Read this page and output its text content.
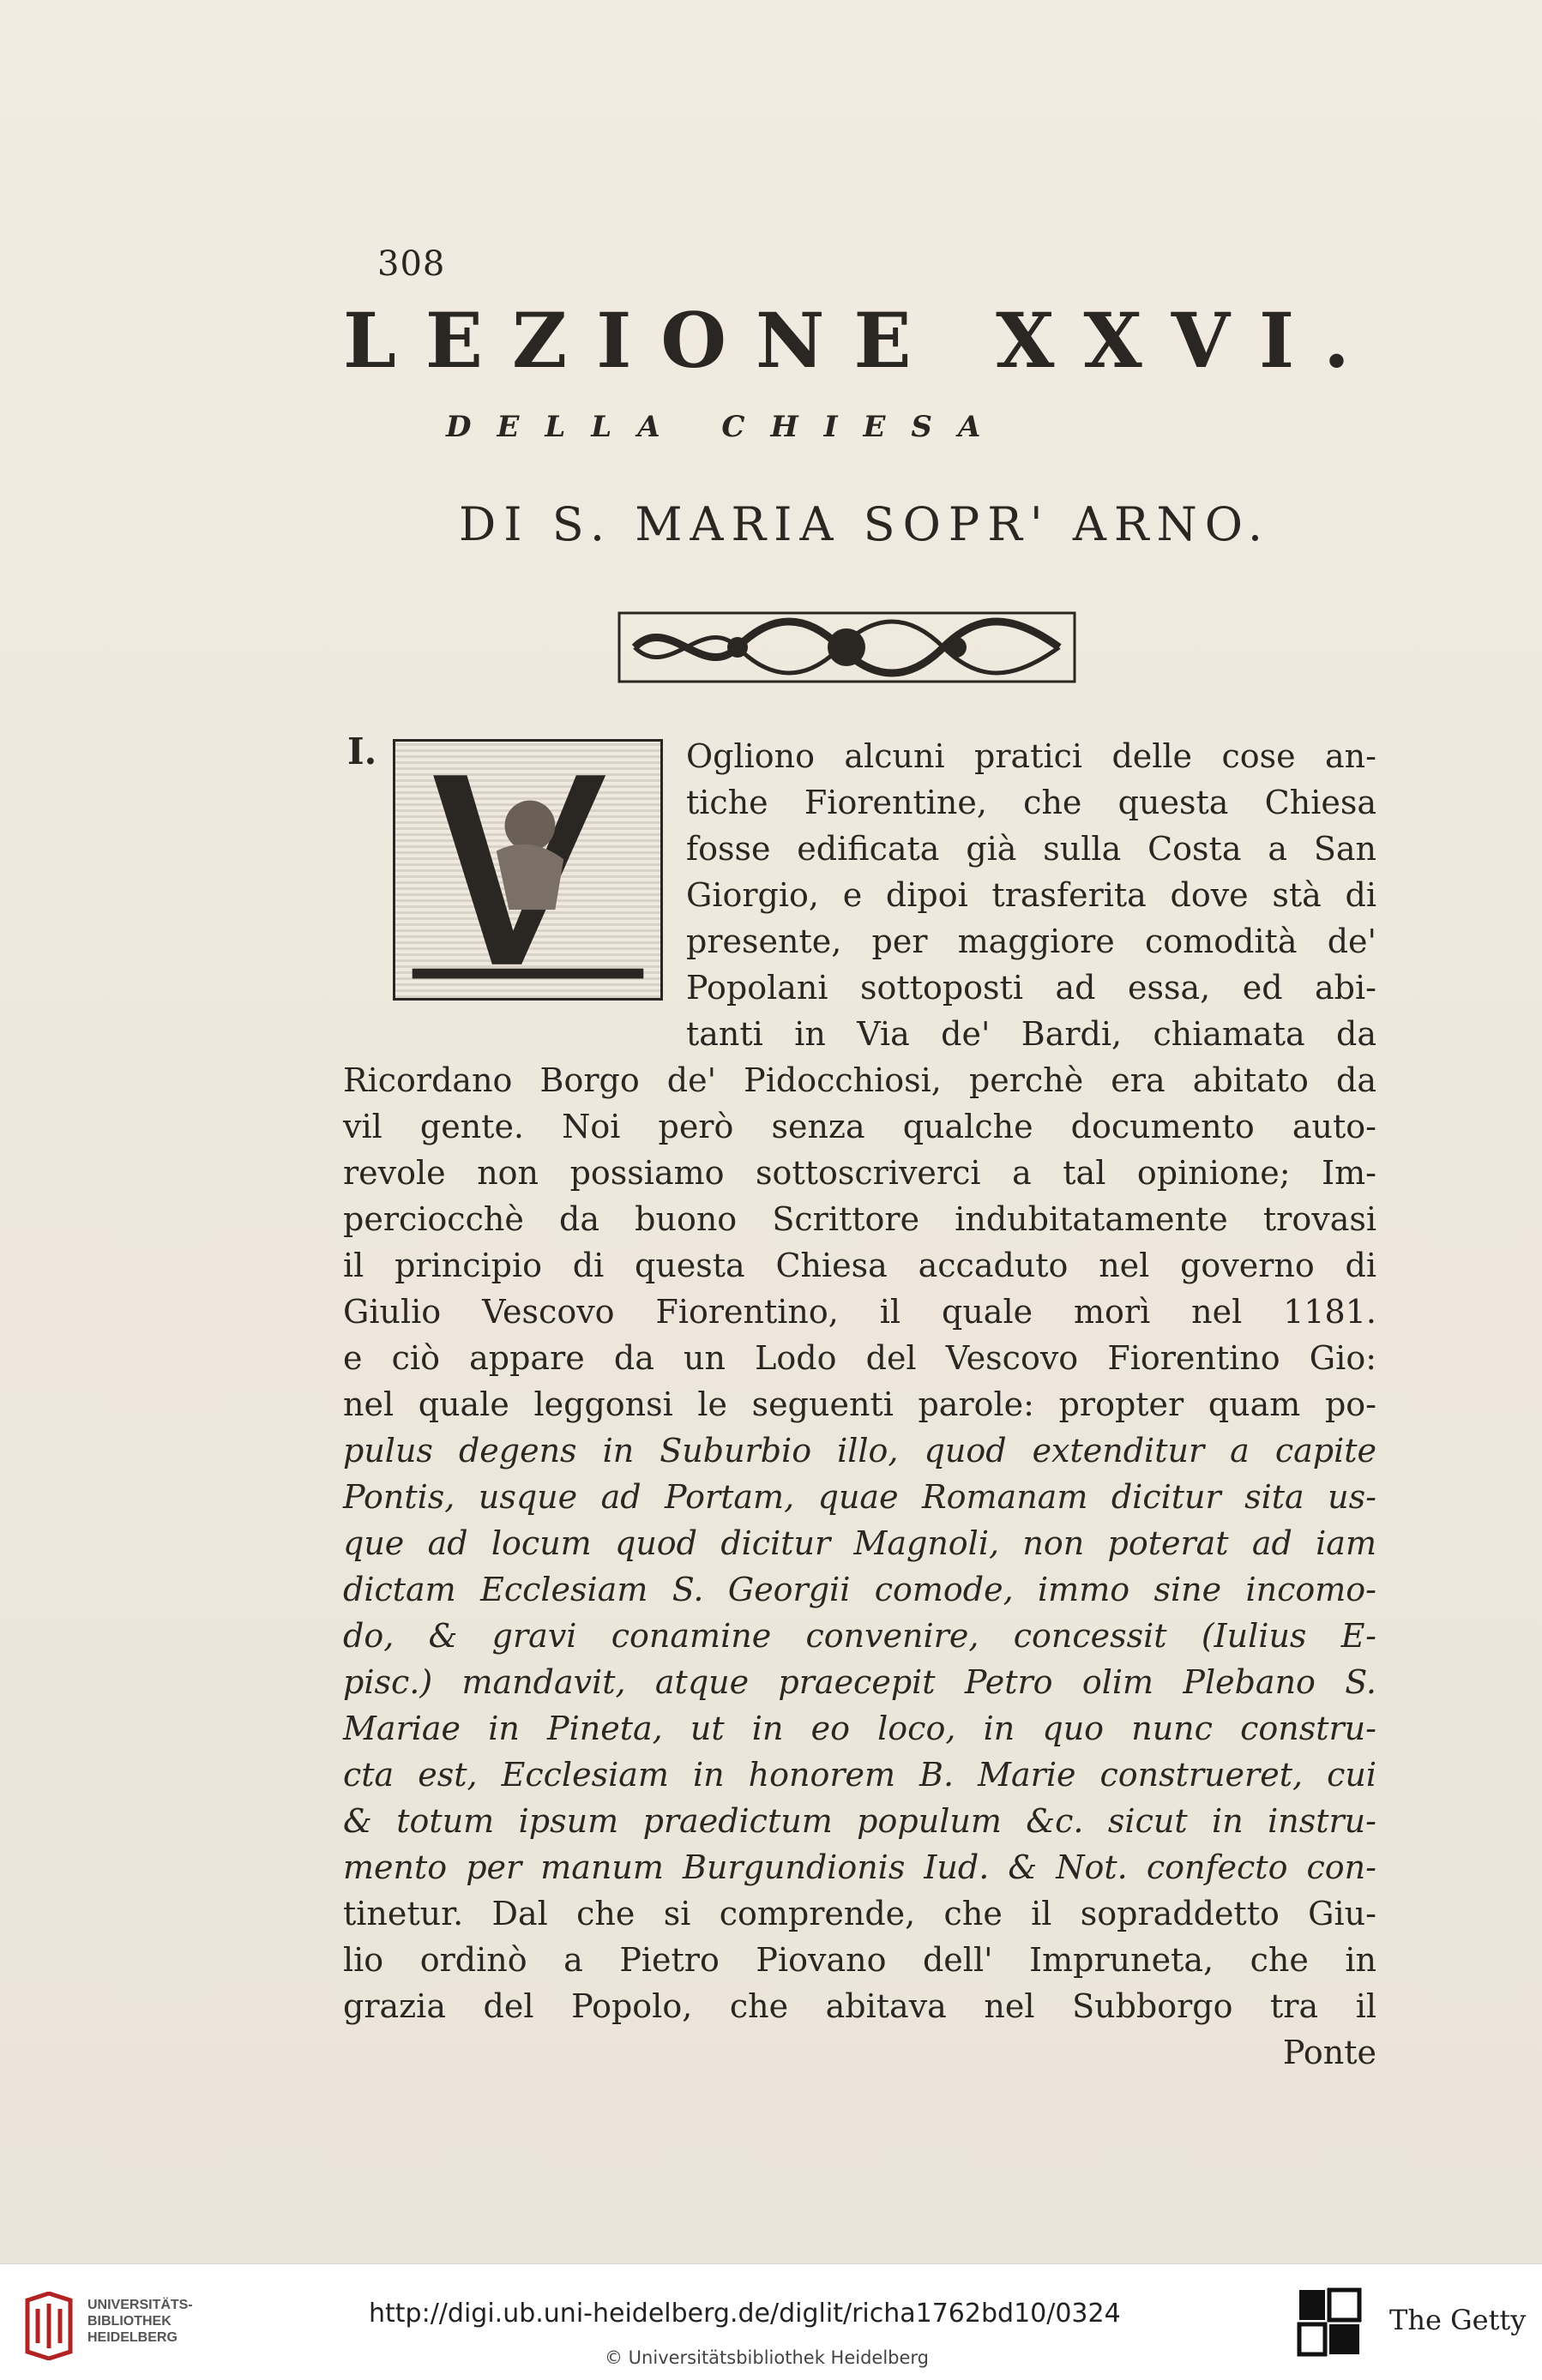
308
LEZIONE XXVI.
DELLA CHIESA
DI S. MARIA SOPR' ARNO.
I.	Ogliono alcuni pratici delle cose an-
tiche Fiorentine, che questa Chiesa
fosse edificata già sulla Costa a San
Giorgio, e dipoi trasferita dove stà di
presente, per maggiore comodità de'
Popolani sottoposti ad essa, ed abi-
tanti in Via de' Bardi, chiamata da
Ricordano Borgo de' Pidocchiosi, perchè era abitato da
vil gente. Noi però senza qualche documento auto-
revole non possiamo sottoscriverci a tal opinione; Im-
perciocchè da buono Scrittore indubitatamente trovasi
il principio di questa Chiesa accaduto nel governo di
Giulio Vescovo Fiorentino, il quale morì nel 1181.
e ciò appare da un Lodo del Vescovo Fiorentino Gio:
nel quale leggonsi le seguenti parole: propter quam po-
pulus degens in Suburbio illo, quod extenditur a capite
Pontis, usque ad Portam, quae Romanam dicitur sita us-
que ad locum quod dicitur Magnoli, non poterat ad iam
dictam Ecclesiam S. Georgii comode, immo sine incomo-
do, & gravi conamine convenire, concessit (Iulius E-
pisc.) mandavit, atque praecepit Petro olim Plebano S.
Mariae in Pineta, ut in eo loco, in quo nunc constru-
cta est, Ecclesiam in honorem B. Marie construeret, cui
& totum ipsum praedictum populum &c. sicut in instru-
mento per manum Burgundionis Iud. & Not. confecto con-
tinetur. Dal che si comprende, che il sopraddetto Giu-
lio ordinò a Pietro Piovano dell' Impruneta, che in
grazia del Popolo, che abitava nel Subborgo tra il
Ponte
UNIVERSITÄTS-
BIBLIOTHEK
HEIDELBERG
http://digi.ub.uni-heidelberg.de/diglit/richa1762bd10/0324
© Universitätsbibliothek Heidelberg
The Getty
